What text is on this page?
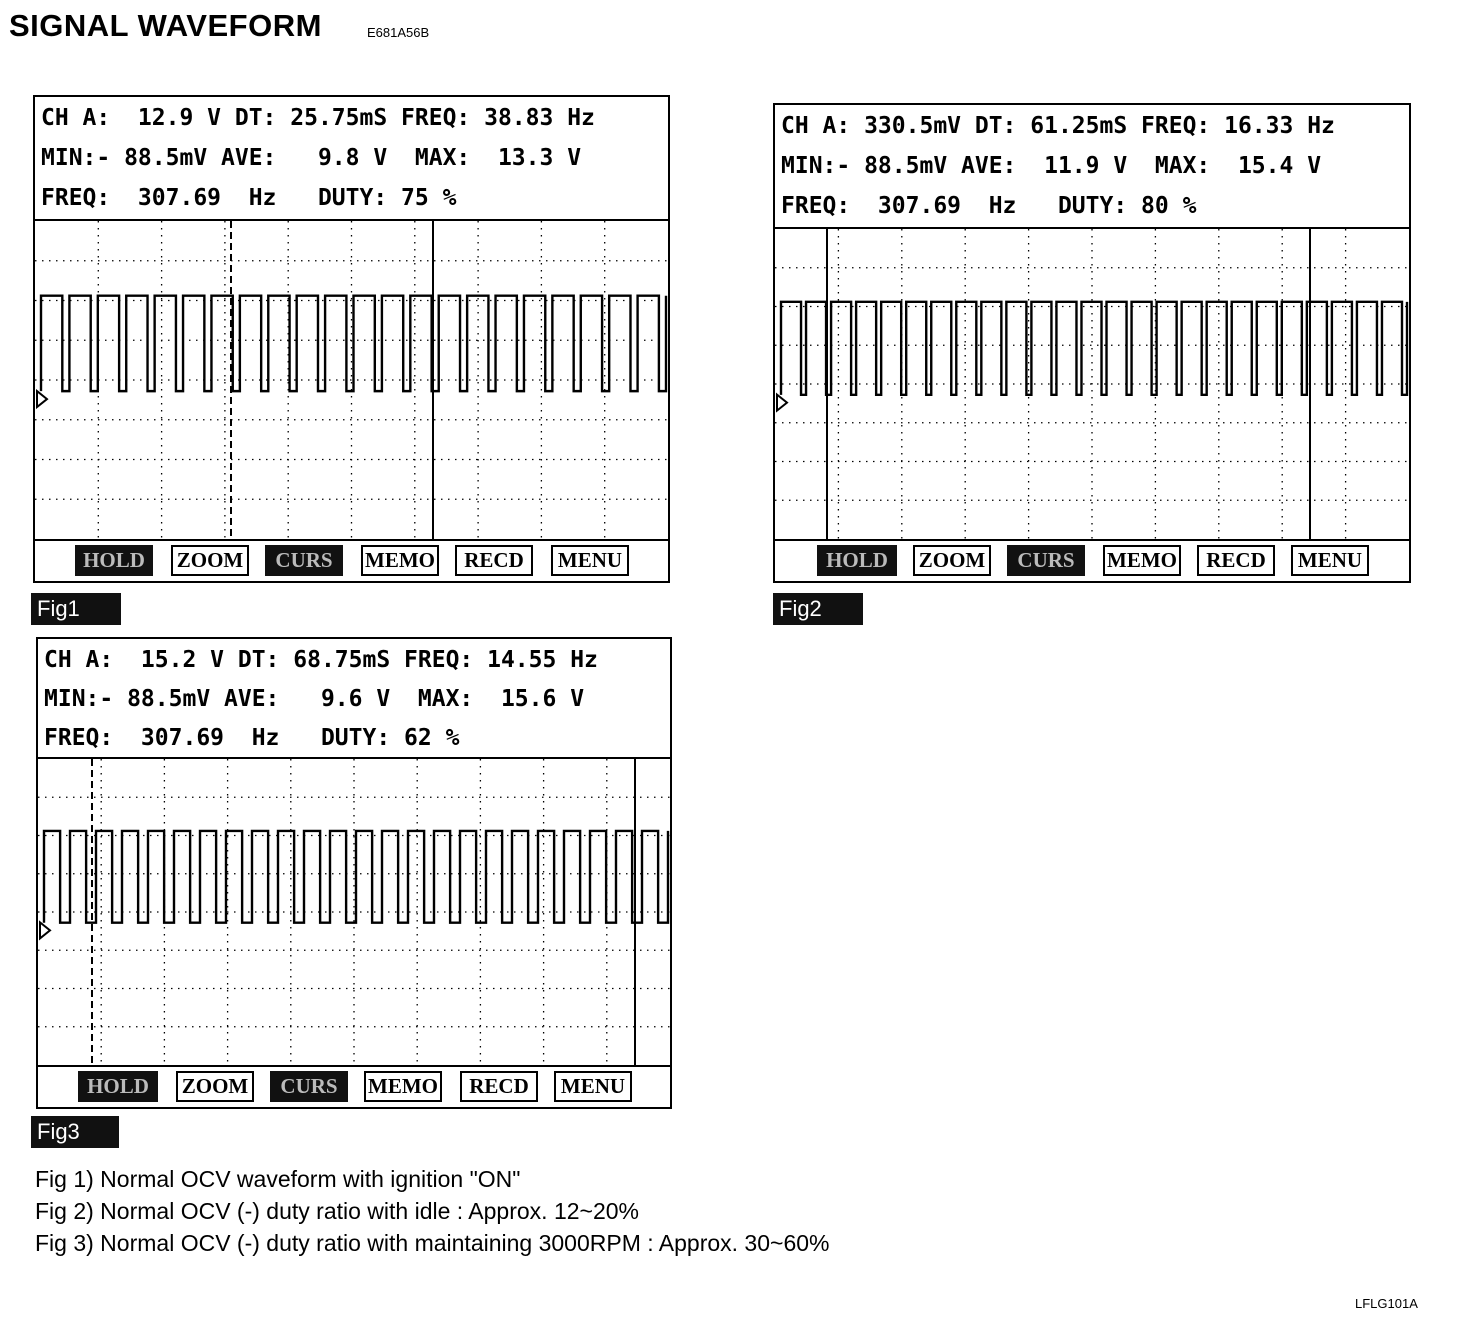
SIGNAL WAVEFORM	E681A56B
CH A:  12.9 V DT: 25.75mS FREQ: 38.83 Hz
MIN:- 88.5mV AVE:   9.8 V  MAX:  13.3 V
FREQ:  307.69  Hz   DUTY: 75 %
HOLD	ZOOM	CURS	MEMO	RECD	MENU
Fig1
CH A: 330.5mV DT: 61.25mS FREQ: 16.33 Hz
MIN:- 88.5mV AVE:  11.9 V  MAX:  15.4 V
FREQ:  307.69  Hz   DUTY: 80 %
HOLD	ZOOM	CURS	MEMO	RECD	MENU
Fig2
CH A:  15.2 V DT: 68.75mS FREQ: 14.55 Hz
MIN:- 88.5mV AVE:   9.6 V  MAX:  15.6 V
FREQ:  307.69  Hz   DUTY: 62 %
HOLD	ZOOM	CURS	MEMO	RECD	MENU
Fig3
Fig 1) Normal OCV waveform with ignition "ON"
Fig 2) Normal OCV (-) duty ratio with idle : Approx. 12~20%
Fig 3) Normal OCV (-) duty ratio with maintaining 3000RPM : Approx. 30~60%
LFLG101A
